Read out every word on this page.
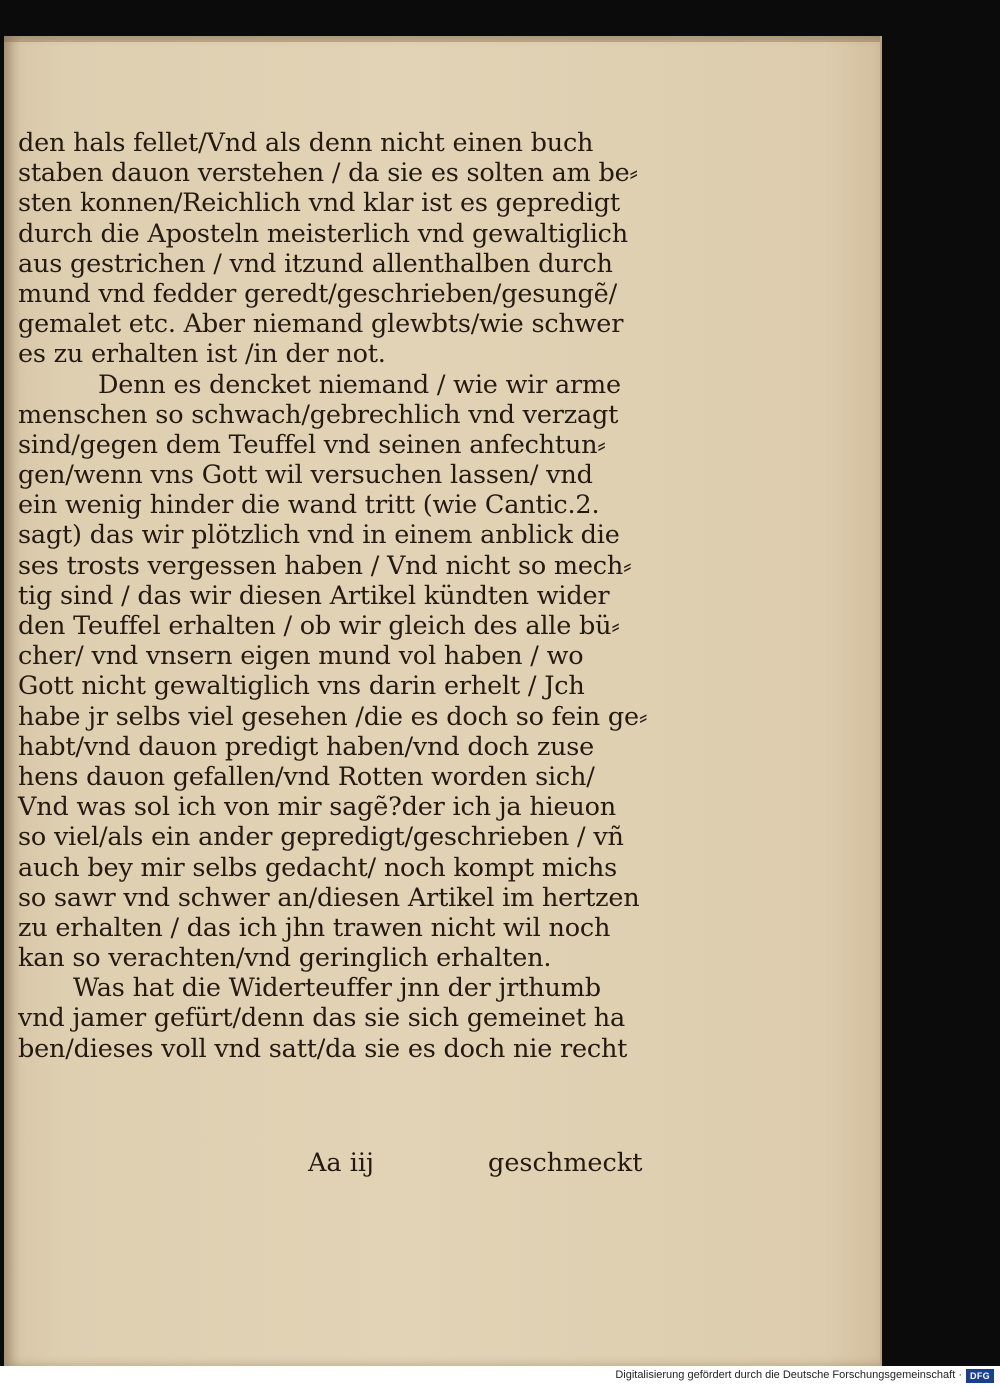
den hals fellet/Vnd als denn nicht einen buch
staben dauon verstehen / da sie es solten am be⸗
sten konnen/Reichlich vnd klar ist es gepredigt
durch die Aposteln meisterlich vnd gewaltiglich
aus gestrichen / vnd itzund allenthalben durch
mund vnd fedder geredt/geschrieben/gesungẽ/
gemalet etc. Aber niemand glewbts/wie schwer
es zu erhalten ist /in der not.
Denn es dencket niemand / wie wir arme
menschen so schwach/gebrechlich vnd verzagt
sind/gegen dem Teuffel vnd seinen anfechtun⸗
gen/wenn vns Gott wil versuchen lassen/ vnd
ein wenig hinder die wand tritt (wie Cantic.2.
sagt) das wir plötzlich vnd in einem anblick die
ses trosts vergessen haben / Vnd nicht so mech⸗
tig sind / das wir diesen Artikel kündten wider
den Teuffel erhalten / ob wir gleich des alle bü⸗
cher/ vnd vnsern eigen mund vol haben / wo
Gott nicht gewaltiglich vns darin erhelt / Jch
habe jr selbs viel gesehen /die es doch so fein ge⸗
habt/vnd dauon predigt haben/vnd doch zuse
hens dauon gefallen/vnd Rotten worden sich/
Vnd was sol ich von mir sagẽ?der ich ja hieuon
so viel/als ein ander gepredigt/geschrieben / vñ
auch bey mir selbs gedacht/ noch kompt michs
so sawr vnd schwer an/diesen Artikel im hertzen
zu erhalten / das ich jhn trawen nicht wil noch
kan so verachten/vnd geringlich erhalten.
Was hat die Widerteuffer jnn der jrthumb
vnd jamer gefürt/denn das sie sich gemeinet ha
ben/dieses voll vnd satt/da sie es doch nie recht
Aa iij	geschmeckt
Digitalisierung gefördert durch die Deutsche Forschungsgemeinschaft · DFG
